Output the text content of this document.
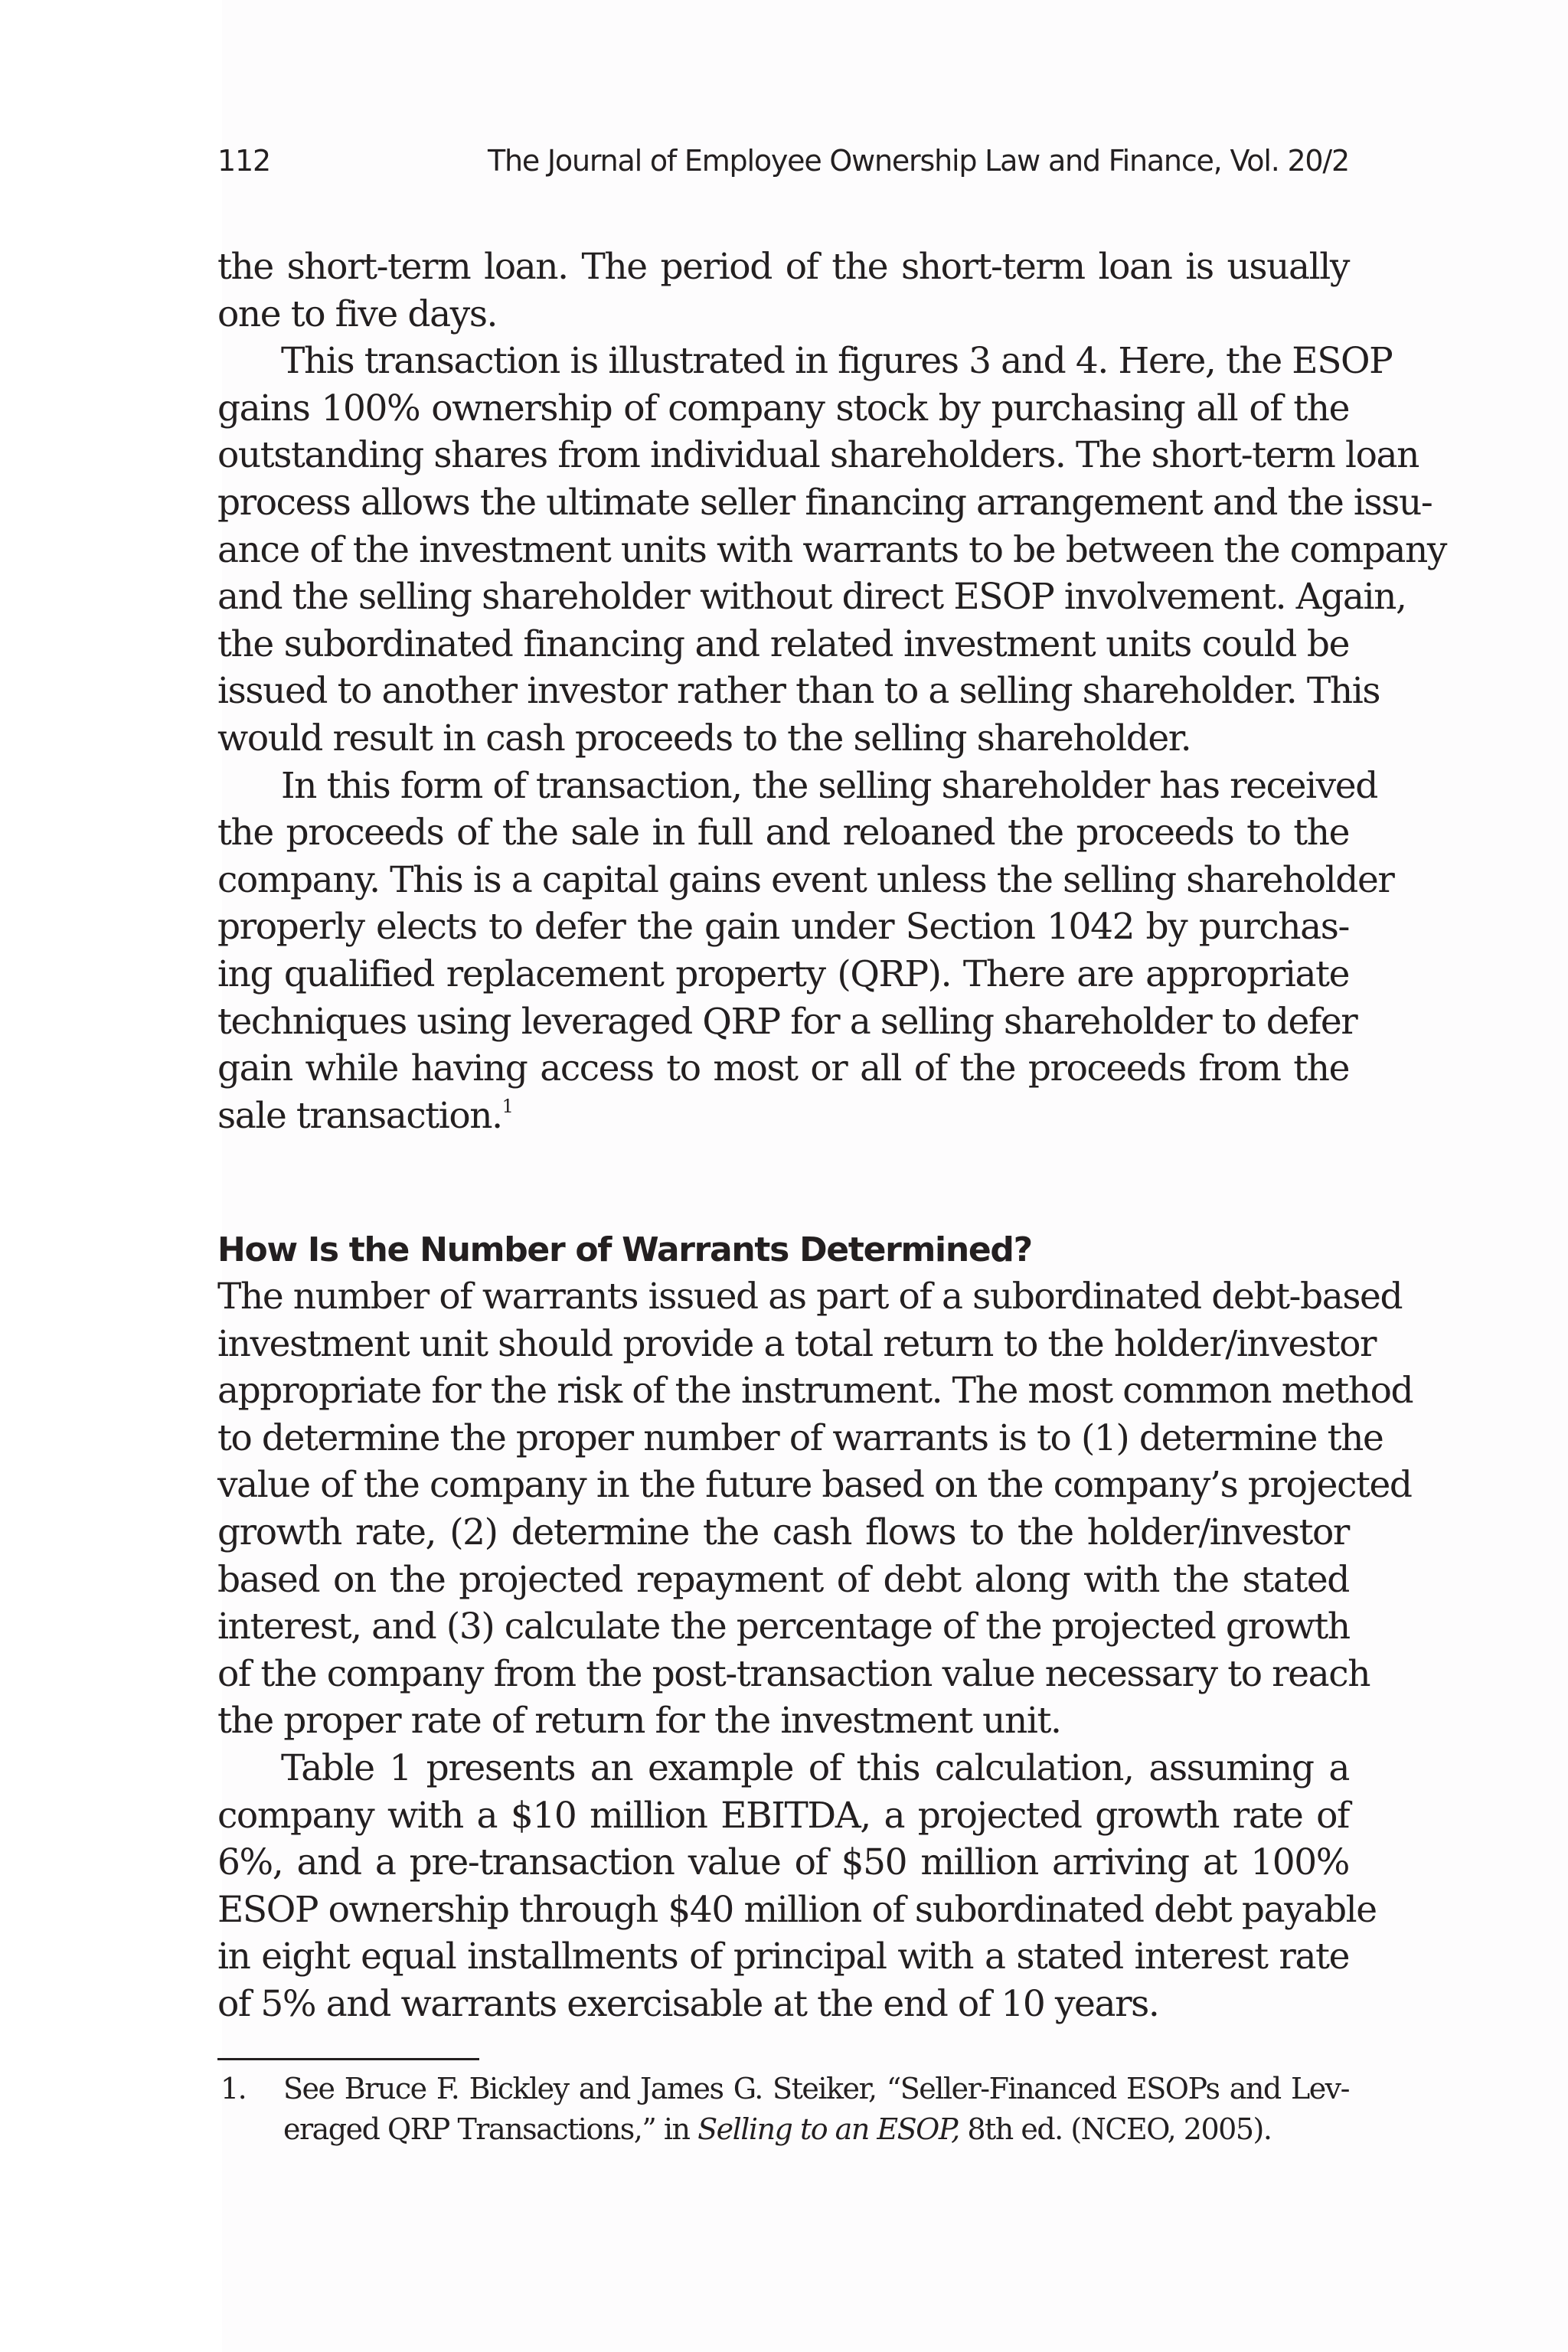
112	The Journal of Employee Ownership Law and Finance, Vol. 20/2
the short-term loan. The period of the short-term loan is usually
one to five days.
This transaction is illustrated in figures 3 and 4. Here, the ESOP
gains 100% ownership of company stock by purchasing all of the
outstanding shares from individual shareholders. The short-term loan
process allows the ultimate seller financing arrangement and the issu-
ance of the investment units with warrants to be between the company
and the selling shareholder without direct ESOP involvement. Again,
the subordinated financing and related investment units could be
issued to another investor rather than to a selling shareholder. This
would result in cash proceeds to the selling shareholder.
In this form of transaction, the selling shareholder has received
the proceeds of the sale in full and reloaned the proceeds to the
company. This is a capital gains event unless the selling shareholder
properly elects to defer the gain under Section 1042 by purchas-
ing qualified replacement property (QRP). There are appropriate
techniques using leveraged QRP for a selling shareholder to defer
gain while having access to most or all of the proceeds from the
sale transaction.$^1$
How Is the Number of Warrants Determined?
The number of warrants issued as part of a subordinated debt-based
investment unit should provide a total return to the holder/investor
appropriate for the risk of the instrument. The most common method
to determine the proper number of warrants is to (1) determine the
value of the company in the future based on the company’s projected
growth rate, (2) determine the cash flows to the holder/investor
based on the projected repayment of debt along with the stated
interest, and (3) calculate the percentage of the projected growth
of the company from the post-transaction value necessary to reach
the proper rate of return for the investment unit.
Table 1 presents an example of this calculation, assuming a
company with a $10 million EBITDA, a projected growth rate of
6%, and a pre-transaction value of $50 million arriving at 100%
ESOP ownership through $40 million of subordinated debt payable
in eight equal installments of principal with a stated interest rate
of 5% and warrants exercisable at the end of 10 years.
1. See Bruce F. Bickley and James G. Steiker, “Seller-Financed ESOPs and Lev-
eraged QRP Transactions,” in Selling to an ESOP, 8th ed. (NCEO, 2005).
